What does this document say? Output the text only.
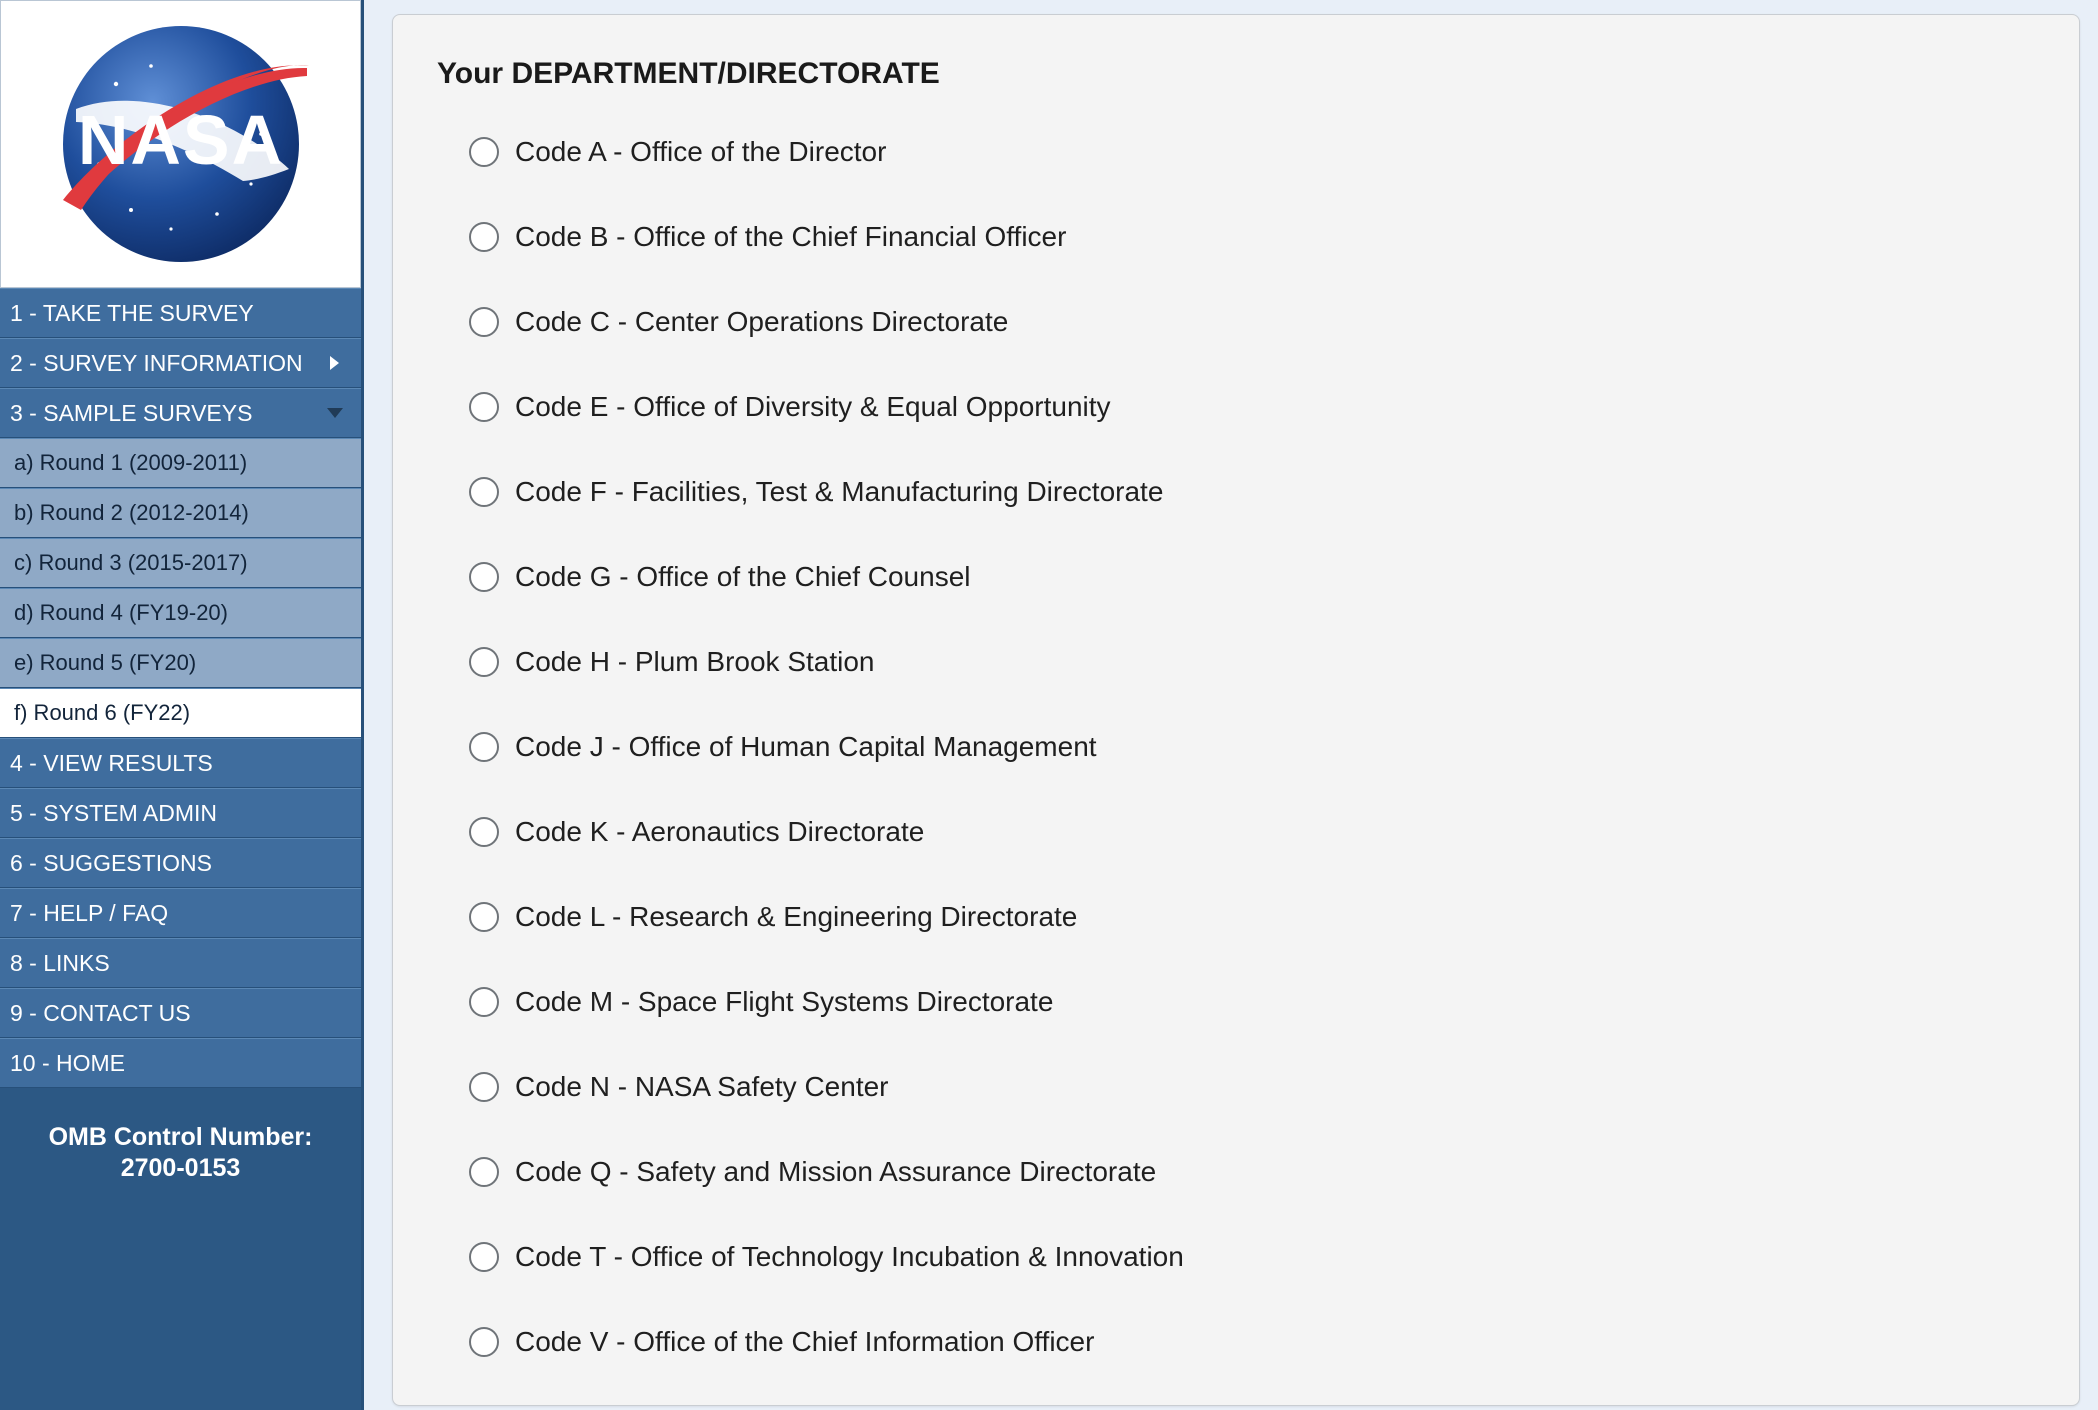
NASA
1 - TAKE THE SURVEY
2 - SURVEY INFORMATION
3 - SAMPLE SURVEYS
a) Round 1 (2009-2011)
b) Round 2 (2012-2014)
c) Round 3 (2015-2017)
d) Round 4 (FY19-20)
e) Round 5 (FY20)
f) Round 6 (FY22)
4 - VIEW RESULTS
5 - SYSTEM ADMIN
6 - SUGGESTIONS
7 - HELP / FAQ
8 - LINKS
9 - CONTACT US
10 - HOME
OMB Control Number:
2700-0153
Your DEPARTMENT/DIRECTORATE
Code A - Office of the Director
Code B - Office of the Chief Financial Officer
Code C - Center Operations Directorate
Code E - Office of Diversity & Equal Opportunity
Code F - Facilities, Test & Manufacturing Directorate
Code G - Office of the Chief Counsel
Code H - Plum Brook Station
Code J - Office of Human Capital Management
Code K - Aeronautics Directorate
Code L - Research & Engineering Directorate
Code M - Space Flight Systems Directorate
Code N - NASA Safety Center
Code Q - Safety and Mission Assurance Directorate
Code T - Office of Technology Incubation & Innovation
Code V - Office of the Chief Information Officer
